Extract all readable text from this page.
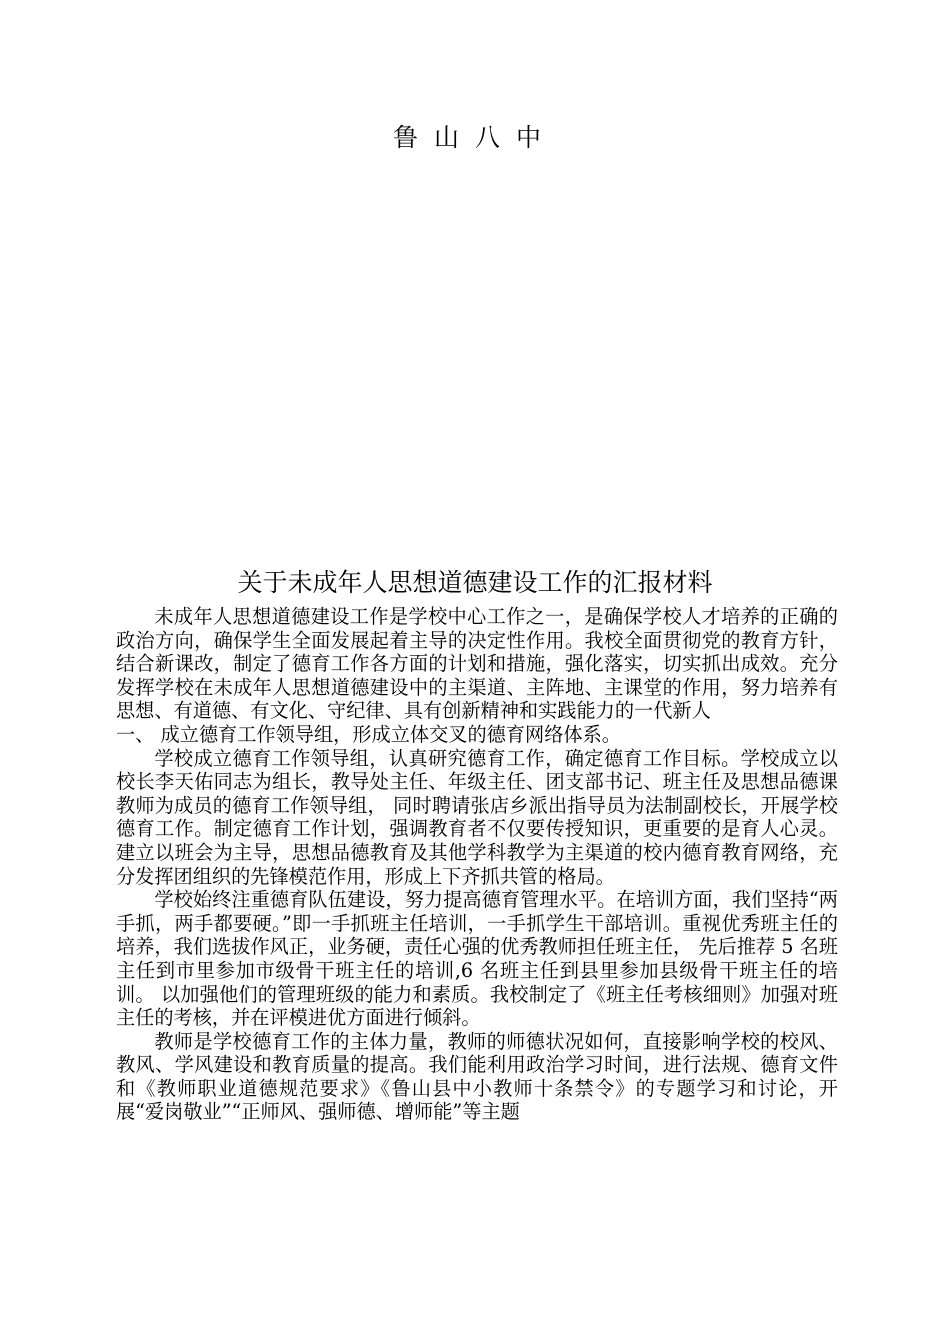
鲁山八中
关于未成年人思想道德建设工作的汇报材料

未成年人思想道德建设工作是学校中心工作之一，是确保学校人才培养的正确的政治方向，确保学生全面发展起着主导的决定性作用。我校全面贯彻党的教育方针，结合新课改，制定了德育工作各方面的计划和措施，强化落实，切实抓出成效。充分发挥学校在未成年人思想道德建设中的主渠道、主阵地、主课堂的作用，努力培养有思想、有道德、有文化、守纪律、具有创新精神和实践能力的一代新人

一、 成立德育工作领导组，形成立体交叉的德育网络体系。

学校成立德育工作领导组，认真研究德育工作，确定德育工作目标。学校成立以校长李天佑同志为组长，教导处主任、年级主任、团支部书记、班主任及思想品德课教师为成员的德育工作领导组， 同时聘请张店乡派出指导员为法制副校长，开展学校德育工作。制定德育工作计划，强调教育者不仅要传授知识，更重要的是育人心灵。建立以班会为主导，思想品德教育及其他学科教学为主渠道的校内德育教育网络，充分发挥团组织的先锋模范作用，形成上下齐抓共管的格局。

学校始终注重德育队伍建设，努力提高德育管理水平。在培训方面，我们坚持“两手抓，两手都要硬。”即一手抓班主任培训，一手抓学生干部培训。重视优秀班主任的培养，我们选拔作风正，业务硬，责任心强的优秀教师担任班主任， 先后推荐 5 名班主任到市里参加市级骨干班主任的培训,6 名班主任到县里参加县级骨干班主任的培训。 以加强他们的管理班级的能力和素质。我校制定了《班主任考核细则》加强对班主任的考核，并在评模进优方面进行倾斜。

教师是学校德育工作的主体力量，教师的师德状况如何，直接影响学校的校风、教风、学风建设和教育质量的提高。我们能利用政治学习时间，进行法规、德育文件和《教师职业道德规范要求》《鲁山县中小教师十条禁令》的专题学习和讨论，开展“爱岗敬业”“正师风、强师德、增师能”等主题
